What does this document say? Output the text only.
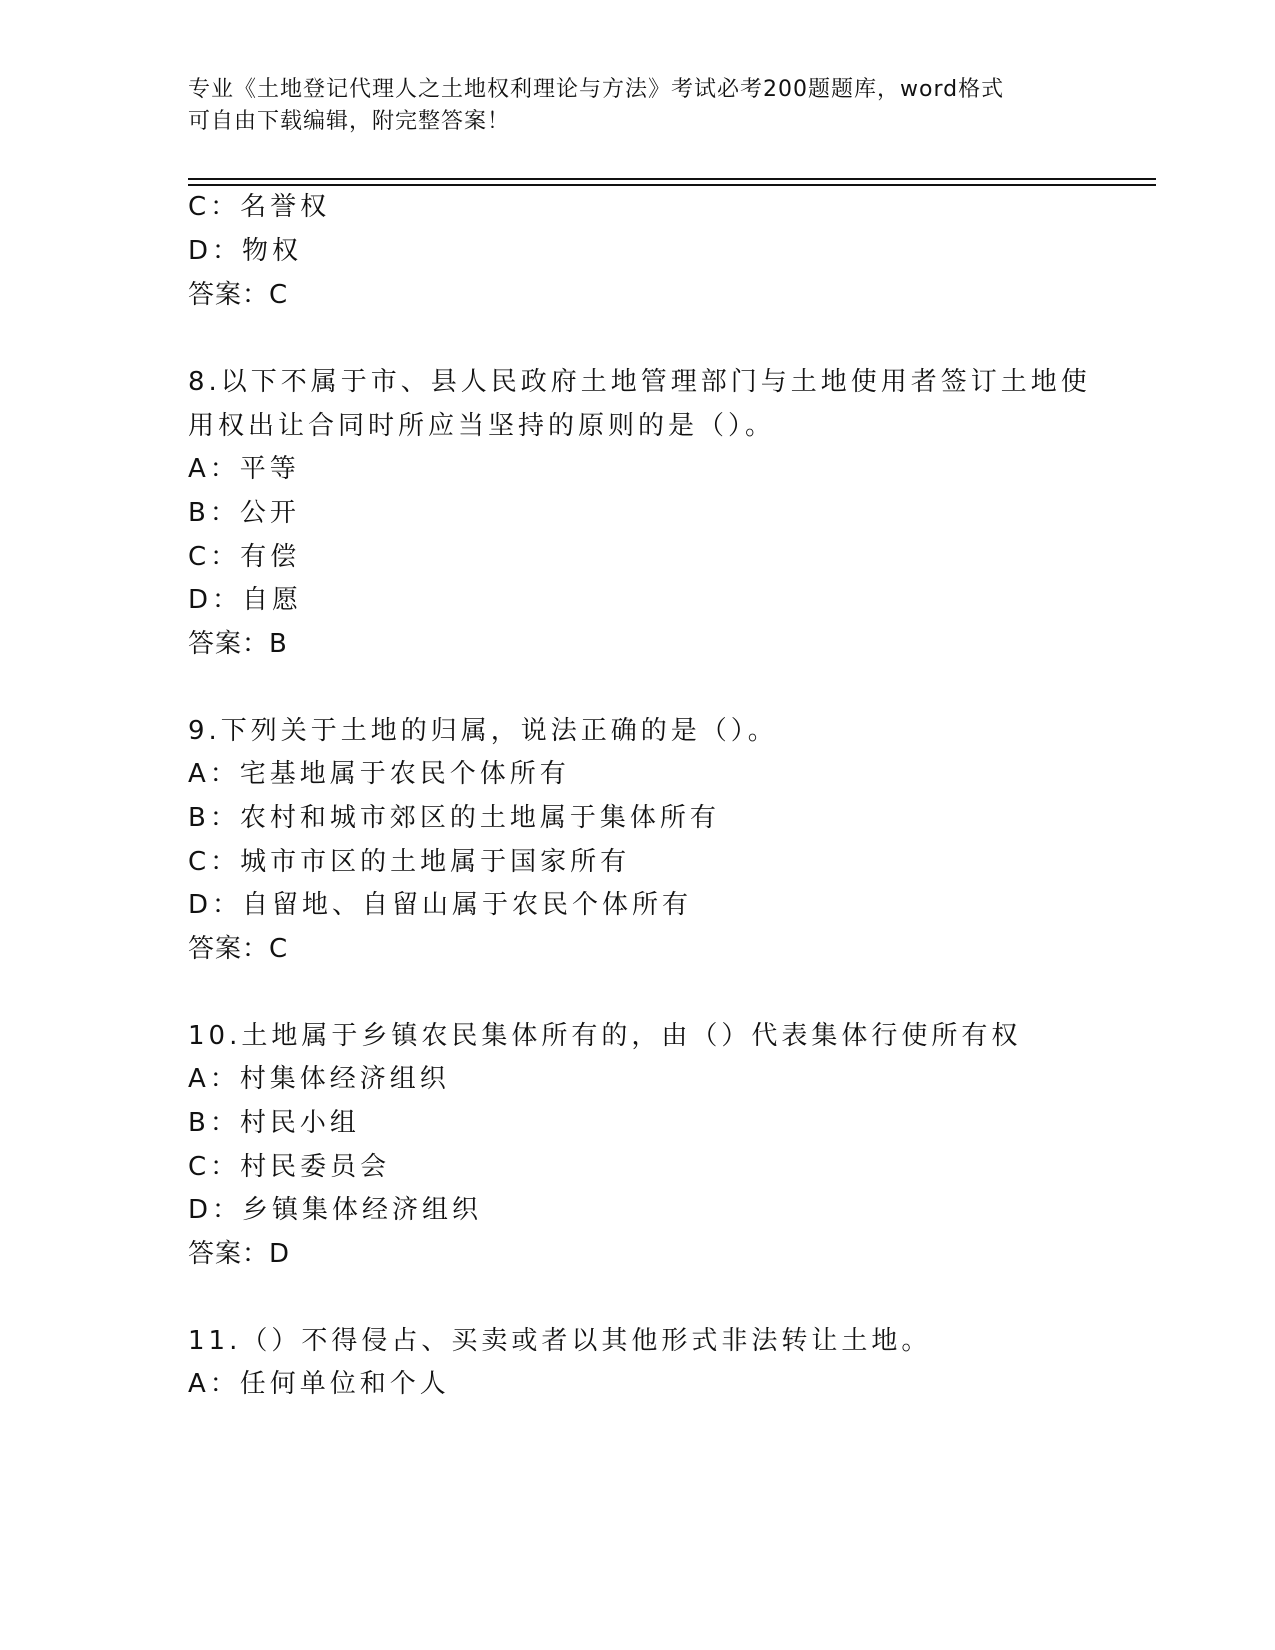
专业《土地登记代理人之土地权利理论与方法》考试必考200题题库，word格式

可自由下载编辑，附完整答案！

C：名誉权
D：物权
答案：C
8.以下不属于市、县人民政府土地管理部门与土地使用者签订土地使
用权出让合同时所应当坚持的原则的是（）。
A：平等
B：公开
C：有偿
D：自愿
答案：B
9.下列关于土地的归属，说法正确的是（）。
A：宅基地属于农民个体所有
B：农村和城市郊区的土地属于集体所有
C：城市市区的土地属于国家所有
D：自留地、自留山属于农民个体所有
答案：C
10.土地属于乡镇农民集体所有的，由（）代表集体行使所有权
A：村集体经济组织
B：村民小组
C：村民委员会
D：乡镇集体经济组织
答案：D
11.（）不得侵占、买卖或者以其他形式非法转让土地。
A：任何单位和个人
